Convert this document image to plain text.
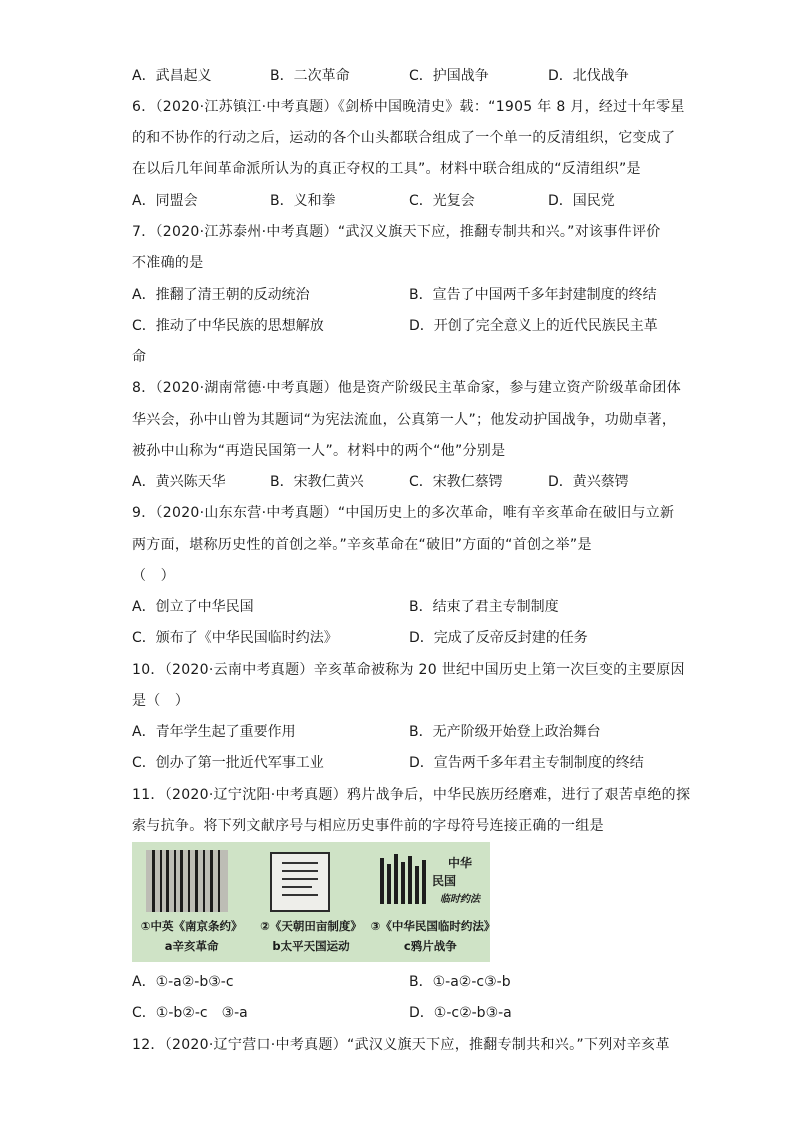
A．武昌起义	B．二次革命	C．护国战争	D．北伐战争
6．（2020·江苏镇江·中考真题）《剑桥中国晚清史》载：“1905 年 8 月，经过十年零星
的和不协作的行动之后，运动的各个山头都联合组成了一个单一的反清组织，它变成了
在以后几年间革命派所认为的真正夺权的工具”。材料中联合组成的“反清组织”是
A．同盟会	B．义和拳	C．光复会	D．国民党
7．（2020·江苏泰州·中考真题）“武汉义旗天下应，推翻专制共和兴。”对该事件评价
不准确的是
A．推翻了清王朝的反动统治	B．宣告了中国两千多年封建制度的终结
C．推动了中华民族的思想解放	D．开创了完全意义上的近代民族民主革
命
8．（2020·湖南常德·中考真题）他是资产阶级民主革命家，参与建立资产阶级革命团体
华兴会，孙中山曾为其题词“为宪法流血，公真第一人”；他发动护国战争，功勋卓著，
被孙中山称为“再造民国第一人”。材料中的两个“他”分别是
A．黄兴陈天华	B．宋教仁黄兴	C．宋教仁蔡锷	D．黄兴蔡锷
9．（2020·山东东营·中考真题）“中国历史上的多次革命，唯有辛亥革命在破旧与立新
两方面，堪称历史性的首创之举。”辛亥革命在“破旧”方面的“首创之举”是
（　）
A．创立了中华民国	B．结束了君主专制制度
C．颁布了《中华民国临时约法》	D．完成了反帝反封建的任务
10．（2020·云南中考真题）辛亥革命被称为 20 世纪中国历史上第一次巨变的主要原因
是（　）
A．青年学生起了重要作用	B．无产阶级开始登上政治舞台
C．创办了第一批近代军事工业	D．宣告两千多年君主专制制度的终结
11．（2020·辽宁沈阳·中考真题）鸦片战争后，中华民族历经磨难，进行了艰苦卓绝的探
索与抗争。将下列文献序号与相应历史事件前的字母符号连接正确的一组是
中华
民国
临时约法
①中英《南京条约》	②《天朝田亩制度》 ③《中华民国临时约法》
a辛亥革命	b太平天国运动	c鸦片战争
A．①-a②-b③-c	B．①-a②-c③-b
C．①-b②-c　③-a	D．①-c②-b③-a
12．（2020·辽宁营口·中考真题）“武汉义旗天下应，推翻专制共和兴。”下列对辛亥革
